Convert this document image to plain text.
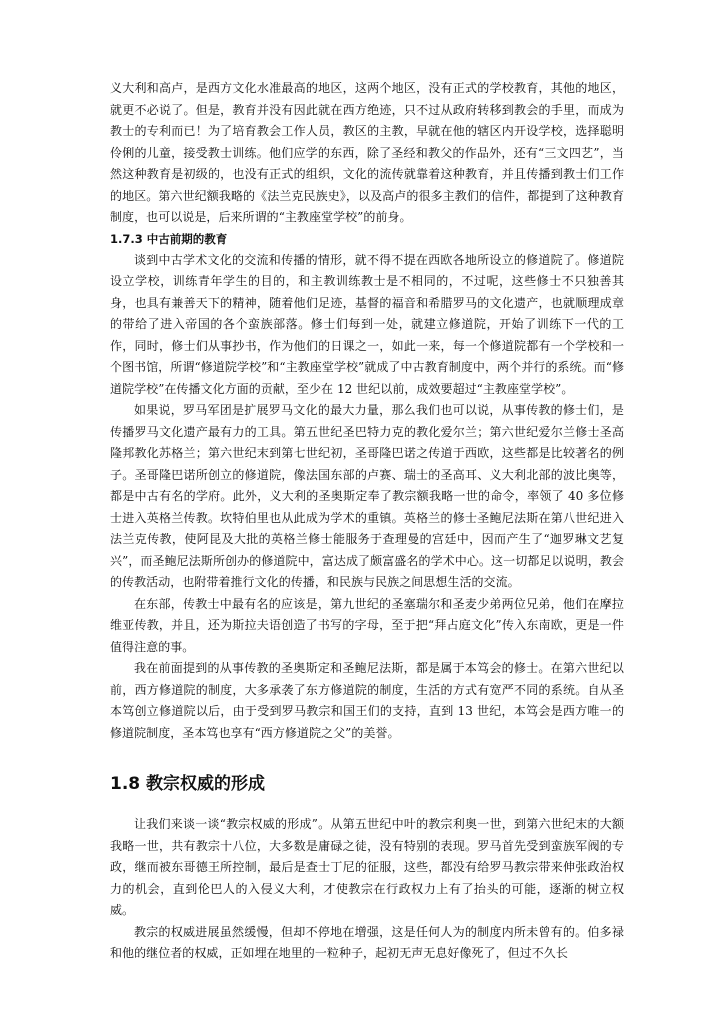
义大利和高卢，是西方文化水准最高的地区，这两个地区，没有正式的学校教育，其他的地区，就更不必说了。但是，教育并没有因此就在西方绝迹，只不过从政府转移到教会的手里，而成为教士的专利而已！为了培育教会工作人员，教区的主教，早就在他的辖区内开设学校，选择聪明伶俐的儿童，接受教士训练。他们应学的东西，除了圣经和教父的作品外，还有“三文四艺”，当然这种教育是初级的，也没有正式的组织，文化的流传就靠着这种教育，并且传播到教士们工作的地区。第六世纪额我略的《法兰克民族史》，以及高卢的很多主教们的信件，都提到了这种教育制度，也可以说是，后来所谓的“主教座堂学校”的前身。

1.7.3 中古前期的教育

谈到中古学术文化的交流和传播的情形，就不得不提在西欧各地所设立的修道院了。修道院设立学校，训练青年学生的目的，和主教训练教士是不相同的，不过呢，这些修士不只独善其身，也具有兼善天下的精神，随着他们足迹，基督的福音和希腊罗马的文化遗产，也就顺理成章的带给了进入帝国的各个蛮族部落。修士们每到一处，就建立修道院，开始了训练下一代的工作，同时，修士们从事抄书，作为他们的日课之一，如此一来，每一个修道院都有一个学校和一个图书馆，所谓“修道院学校”和“主教座堂学校”就成了中古教育制度中，两个并行的系统。而“修道院学校”在传播文化方面的贡献，至少在 12 世纪以前，成效要超过“主教座堂学校”。

如果说，罗马军团是扩展罗马文化的最大力量，那么我们也可以说，从事传教的修士们，是传播罗马文化遗产最有力的工具。第五世纪圣巴特力克的教化爱尔兰；第六世纪爱尔兰修士圣高隆邦教化苏格兰；第六世纪末到第七世纪初，圣哥隆巴诺之传道于西欧，这些都是比较著名的例子。圣哥隆巴诺所创立的修道院，像法国东部的卢赛、瑞士的圣高耳、义大利北部的波比奥等，都是中古有名的学府。此外，义大利的圣奥斯定奉了教宗额我略一世的命令，率领了 40 多位修士进入英格兰传教。坎特伯里也从此成为学术的重镇。英格兰的修士圣鲍尼法斯在第八世纪进入法兰克传教，使阿昆及大批的英格兰修士能服务于查理曼的宫廷中，因而产生了“迦罗琳文艺复兴”，而圣鲍尼法斯所创办的修道院中，富达成了颇富盛名的学术中心。这一切都足以说明，教会的传教活动，也附带着推行文化的传播，和民族与民族之间思想生活的交流。

在东部，传教士中最有名的应该是，第九世纪的圣塞瑞尔和圣麦少弟两位兄弟，他们在摩拉维亚传教，并且，还为斯拉夫语创造了书写的字母，至于把“拜占庭文化”传入东南欧，更是一件值得注意的事。

我在前面提到的从事传教的圣奥斯定和圣鲍尼法斯，都是属于本笃会的修士。在第六世纪以前，西方修道院的制度，大多承袭了东方修道院的制度，生活的方式有宽严不同的系统。自从圣本笃创立修道院以后，由于受到罗马教宗和国王们的支持，直到 13 世纪，本笃会是西方唯一的修道院制度，圣本笃也享有“西方修道院之父”的美誉。

1.8 教宗权威的形成

让我们来谈一谈“教宗权威的形成”。从第五世纪中叶的教宗利奥一世，到第六世纪末的大额我略一世，共有教宗十八位，大多数是庸碌之徒，没有特别的表现。罗马首先受到蛮族军阀的专政，继而被东哥德王所控制，最后是查士丁尼的征服，这些，都没有给罗马教宗带来伸张政治权力的机会，直到伦巴人的入侵义大利，才使教宗在行政权力上有了抬头的可能，逐渐的树立权威。

教宗的权威进展虽然缓慢，但却不停地在增强，这是任何人为的制度内所未曾有的。伯多禄和他的继位者的权威，正如埋在地里的一粒种子，起初无声无息好像死了，但过不久长
